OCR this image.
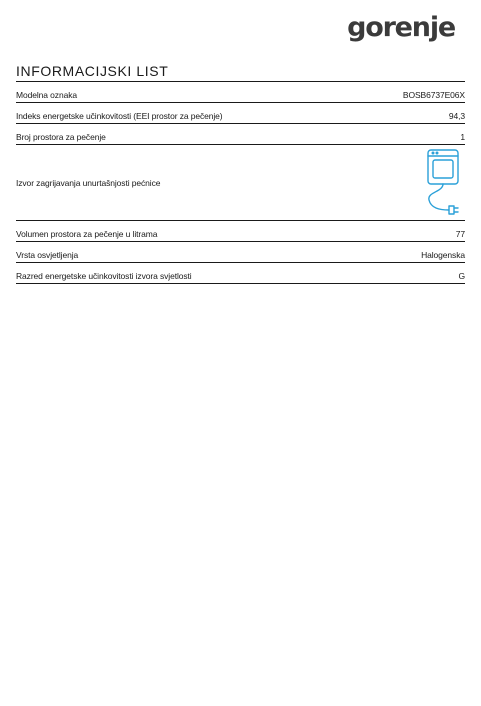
gorenje
INFORMACIJSKI LIST
Modelna oznaka	BOSB6737E06X
Indeks energetske učinkovitosti (EEI prostor za pečenje)	94,3
Broj prostora za pečenje	1
Izvor zagrijavanja unurtašnjosti pećnice
Volumen prostora za pečenje u litrama	77
Vrsta osvjetljenja	Halogenska
Razred energetske učinkovitosti izvora svjetlosti	G
